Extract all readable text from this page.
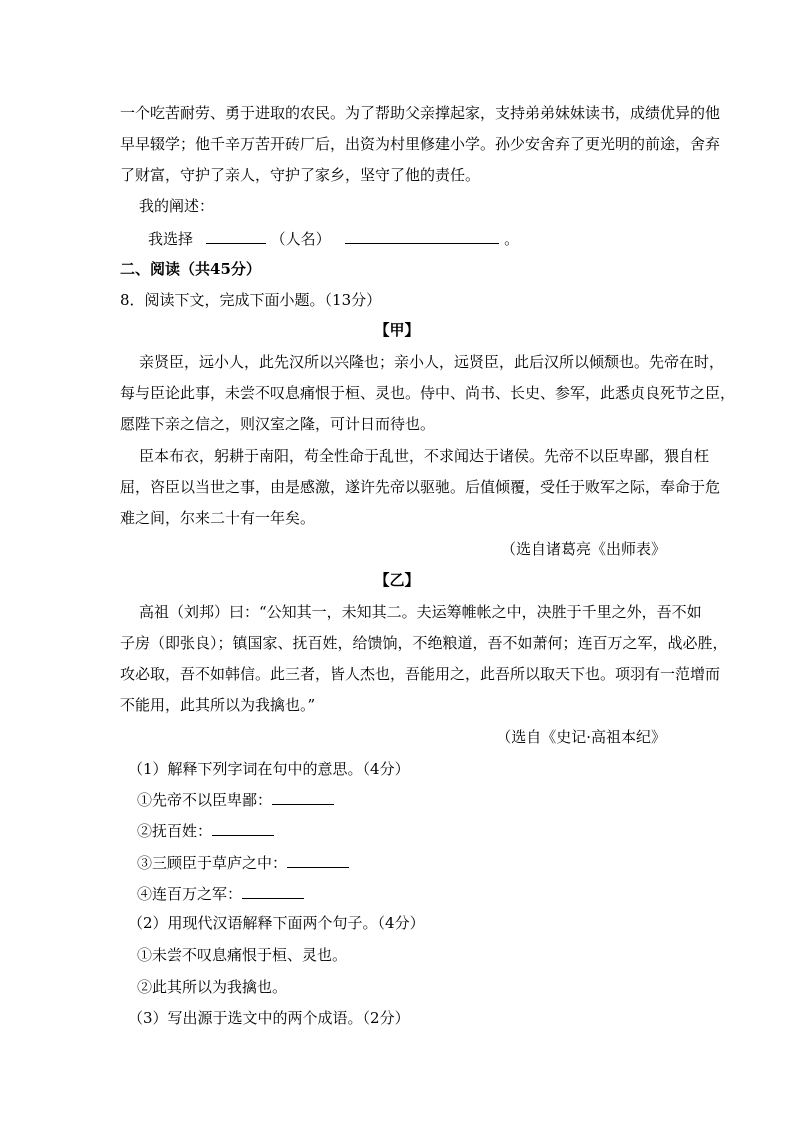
一个吃苦耐劳、勇于进取的农民。为了帮助父亲撑起家，支持弟弟妹妹读书，成绩优异的他
早早辍学；他千辛万苦开砖厂后，出资为村里修建小学。孙少安舍弃了更光明的前途，舍弃
了财富，守护了亲人，守护了家乡，坚守了他的责任。
我的阐述：
我选择	（人名）	。
二、阅读（共45分）
8．阅读下文，完成下面小题。（13分）
【甲】
亲贤臣，远小人，此先汉所以兴隆也；亲小人，远贤臣，此后汉所以倾颓也。先帝在时，
每与臣论此事，未尝不叹息痛恨于桓、灵也。侍中、尚书、长史、参军，此悉贞良死节之臣，
愿陛下亲之信之，则汉室之隆，可计日而待也。
臣本布衣，躬耕于南阳，苟全性命于乱世，不求闻达于诸侯。先帝不以臣卑鄙，猥自枉
屈，咨臣以当世之事，由是感激，遂许先帝以驱驰。后值倾覆，受任于败军之际，奉命于危
难之间，尔来二十有一年矣。
（选自诸葛亮《出师表》
【乙】
高祖（刘邦）曰：“公知其一，未知其二。夫运筹帷帐之中，决胜于千里之外，吾不如
子房（即张良）；镇国家、抚百姓，给馈饷，不绝粮道，吾不如萧何；连百万之军，战必胜，
攻必取，吾不如韩信。此三者，皆人杰也，吾能用之，此吾所以取天下也。项羽有一范增而
不能用，此其所以为我擒也。”
（选自《史记·高祖本纪》
（1）解释下列字词在句中的意思。（4分）
①先帝不以臣卑鄙：
②抚百姓：
③三顾臣于草庐之中：
④连百万之军：
（2）用现代汉语解释下面两个句子。（4分）
①未尝不叹息痛恨于桓、灵也。
②此其所以为我擒也。
（3）写出源于选文中的两个成语。（2分）
